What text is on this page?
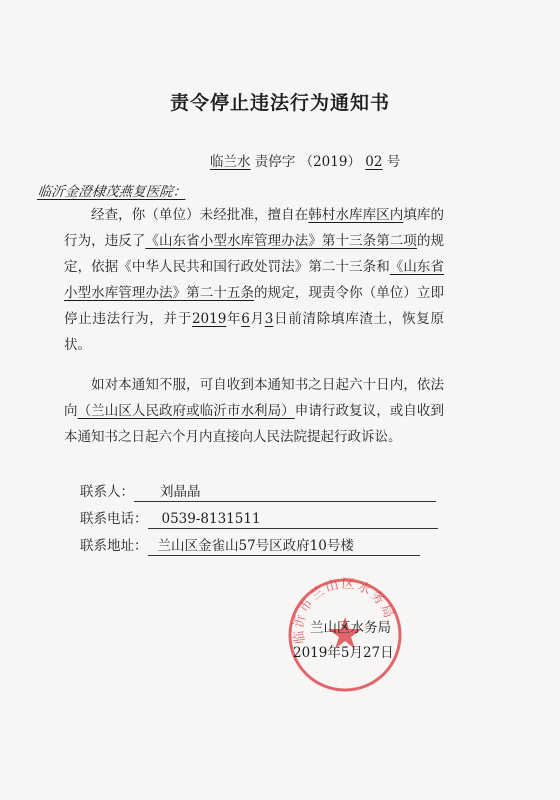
责令停止违法行为通知书
临兰水 责停字 （2019） 02 号
临沂金澄棣茂燕复医院：
经查，你（单位）未经批准，擅自在韩村水库库区内填库的行为，违反了《山东省小型水库管理办法》第十三条第二项的规定，依据《中华人民共和国行政处罚法》第二十三条和《山东省小型水库管理办法》第二十五条的规定，现责令你（单位）立即停止违法行为，并于2019年6月3日前清除填库渣土，恢复原状。
如对本通知不服，可自收到本通知书之日起六十日内，依法向（兰山区人民政府或临沂市水利局）申请行政复议，或自收到本通知书之日起六个月内直接向人民法院提起行政诉讼。
联系人： 刘晶晶
联系电话： 0539-8131511
联系地址： 兰山区金雀山57号区政府10号楼
临沂市兰山区水务局
兰山区水务局
2019年5月27日
